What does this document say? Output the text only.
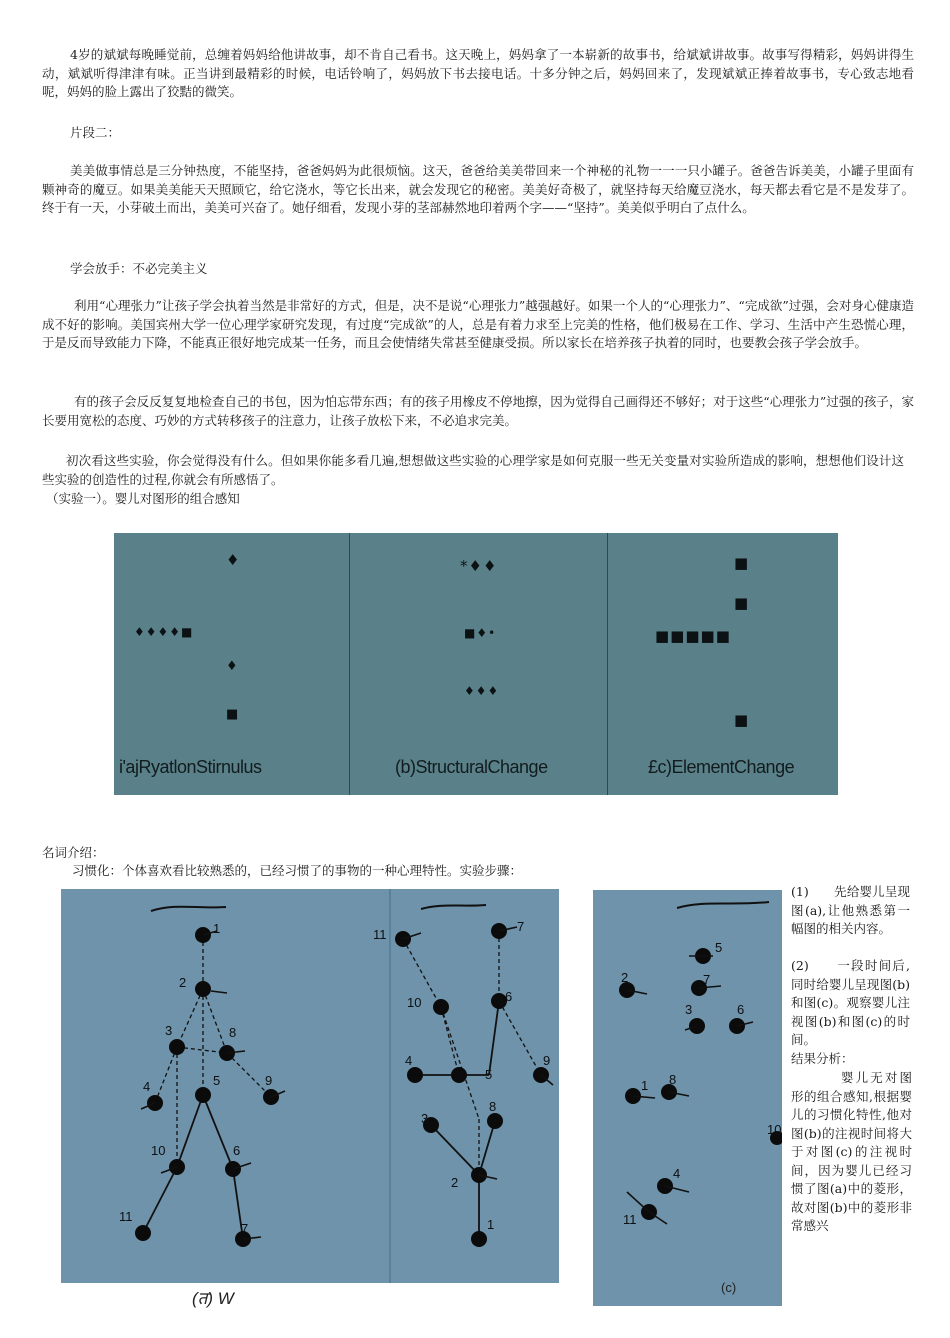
4岁的斌斌每晚睡觉前，总缠着妈妈给他讲故事，却不肯自己看书。这天晚上，妈妈拿了一本崭新的故事书，给斌斌讲故事。故事写得精彩，妈妈讲得生动，斌斌听得津津有味。正当讲到最精彩的时候，电话铃响了，妈妈放下书去接电话。十多分钟之后，妈妈回来了，发现斌斌正捧着故事书，专心致志地看呢，妈妈的脸上露出了狡黠的微笑。
片段二：
美美做事情总是三分钟热度，不能坚持，爸爸妈妈为此很烦恼。这天，爸爸给美美带回来一个神秘的礼物一一一只小罐子。爸爸告诉美美，小罐子里面有颗神奇的魔豆。如果美美能天天照顾它，给它浇水，等它长出来，就会发现它的秘密。美美好奇极了，就坚持每天给魔豆浇水，每天都去看它是不是发芽了。终于有一天，小芽破土而出，美美可兴奋了。她仔细看，发现小芽的茎部赫然地印着两个字——“坚持”。美美似乎明白了点什么。
学会放手：不必完美主义
利用“心理张力”让孩子学会执着当然是非常好的方式，但是，决不是说“心理张力”越强越好。如果一个人的“心理张力”、“完成欲”过强，会对身心健康造成不好的影响。美国宾州大学一位心理学家研究发现，有过度“完成欲”的人，总是有着力求至上完美的性格，他们极易在工作、学习、生活中产生恐慌心理，于是反而导致能力下降，不能真正很好地完成某一任务，而且会使情绪失常甚至健康受损。所以家长在培养孩子执着的同时，也要教会孩子学会放手。
有的孩子会反反复复地检查自己的书包，因为怕忘带东西；有的孩子用橡皮不停地擦，因为觉得自己画得还不够好；对于这些“心理张力”过强的孩子，家长要用宽松的态度、巧妙的方式转移孩子的注意力，让孩子放松下来，不必追求完美。
初次看这些实验，你会觉得没有什么。但如果你能多看几遍,想想做这些实验的心理学家是如何克服一些无关变量对实验所造成的影响，想想他们设计这些实验的创造性的过程,你就会有所感悟了。
（实验一）。婴儿对图形的组合感知
♦
♦♦♦♦■
♦
■
*♦♦
■♦•
♦♦♦
■
■
■■■■■
■
i'ajRyatlonStirnulus	(b)StructuralChange	£c)ElementChange
名词介绍：
习惯化：个体喜欢看比较熟悉的，已经习惯了的事物的一种心理特性。实验步骤：
1
2
3	8
4	5	9
10	6
11
7
11
7
10	6
4
5
9
3
8
2
1
(त) W
5
7
2
3	6
1 8
10
4
11
(c)
(1)　　先给婴儿呈现图(a),让他熟悉第一幅图的相关内容。
(2)　　一段时间后,同时给婴儿呈现图(b)和图(c)。观察婴儿注视图(b)和图(c)的时间。
结果分析：
婴儿无对图形的组合感知,根据婴儿的习惯化特性,他对图(b)的注视时间将大于对图(c)的注视时间，因为婴儿已经习惯了图(a)中的菱形，故对图(b)中的菱形非常感兴
